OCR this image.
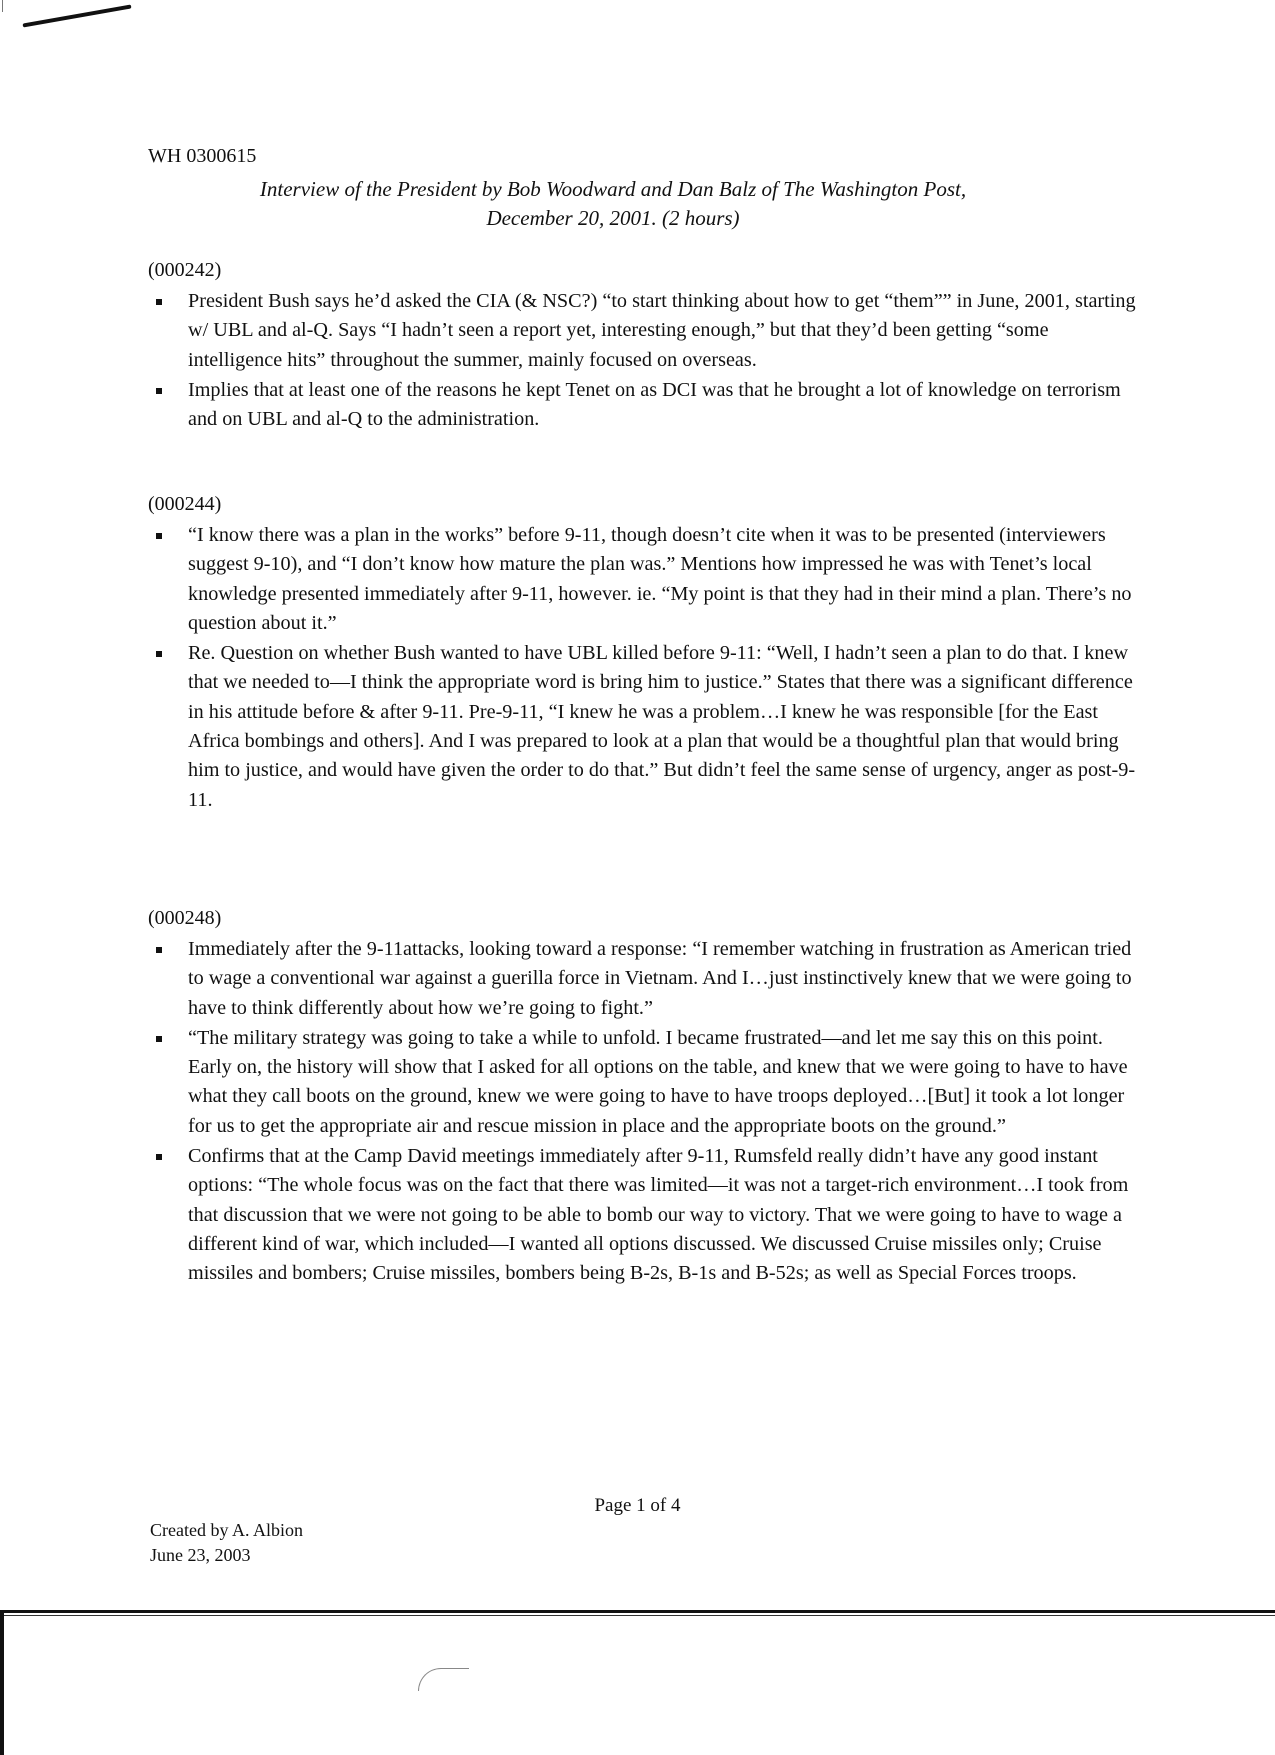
WH 0300615
Interview of the President by Bob Woodward and Dan Balz of The Washington Post,
December 20, 2001. (2 hours)
(000242)
President Bush says he’d asked the CIA (& NSC?) “to start thinking about how to get “them”” in June, 2001, starting w/ UBL and al-Q. Says “I hadn’t seen a report yet, interesting enough,” but that they’d been getting “some intelligence hits” throughout the summer, mainly focused on overseas.
Implies that at least one of the reasons he kept Tenet on as DCI was that he brought a lot of knowledge on terrorism and on UBL and al-Q to the administration.
(000244)
“I know there was a plan in the works” before 9-11, though doesn’t cite when it was to be presented (interviewers suggest 9-10), and “I don’t know how mature the plan was.” Mentions how impressed he was with Tenet’s local knowledge presented immediately after 9-11, however. ie. “My point is that they had in their mind a plan. There’s no question about it.”
Re. Question on whether Bush wanted to have UBL killed before 9-11: “Well, I hadn’t seen a plan to do that. I knew that we needed to—I think the appropriate word is bring him to justice.” States that there was a significant difference in his attitude before & after 9-11. Pre-9-11, “I knew he was a problem…I knew he was responsible [for the East Africa bombings and others]. And I was prepared to look at a plan that would be a thoughtful plan that would bring him to justice, and would have given the order to do that.” But didn’t feel the same sense of urgency, anger as post-9-11.
(000248)
Immediately after the 9-11attacks, looking toward a response: “I remember watching in frustration as American tried to wage a conventional war against a guerilla force in Vietnam. And I…just instinctively knew that we were going to have to think differently about how we’re going to fight.”
“The military strategy was going to take a while to unfold. I became frustrated—and let me say this on this point. Early on, the history will show that I asked for all options on the table, and knew that we were going to have to have what they call boots on the ground, knew we were going to have to have troops deployed…[But] it took a lot longer for us to get the appropriate air and rescue mission in place and the appropriate boots on the ground.”
Confirms that at the Camp David meetings immediately after 9-11, Rumsfeld really didn’t have any good instant options: “The whole focus was on the fact that there was limited—it was not a target-rich environment…I took from that discussion that we were not going to be able to bomb our way to victory. That we were going to have to wage a different kind of war, which included—I wanted all options discussed. We discussed Cruise missiles only; Cruise missiles and bombers; Cruise missiles, bombers being B-2s, B-1s and B-52s; as well as Special Forces troops.
Page 1 of 4
Created by A. Albion
June 23, 2003
